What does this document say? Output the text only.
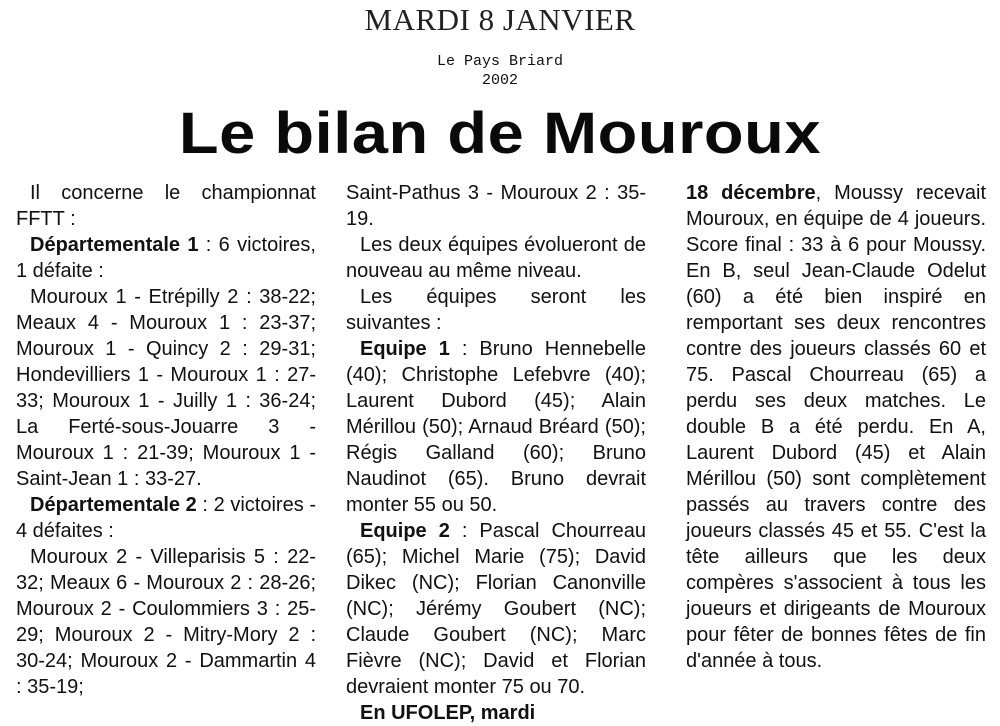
MARDI 8 JANVIER
Le Pays Briard
2002
Le bilan de Mouroux

Il concerne le championnat FFTT :

Départementale 1 : 6 victoires, 1 défaite :

Mouroux 1 - Etrépilly 2 : 38-22; Meaux 4 - Mouroux 1 : 23-37; Mouroux 1 - Quincy 2 : 29-31; Hondevilliers 1 - Mouroux 1 : 27-33; Mouroux 1 - Juilly 1 : 36-24; La Ferté-sous-Jouarre 3 - Mouroux 1 : 21-39; Mouroux 1 - Saint-Jean 1 : 33-27.

Départementale 2 : 2 victoires - 4 défaites :

Mouroux 2 - Villeparisis 5 : 22-32; Meaux 6 - Mouroux 2 : 28-26; Mouroux 2 - Coulommiers 3 : 25-29; Mouroux 2 - Mitry-Mory 2 : 30-24; Mouroux 2 - Dammartin 4 : 35-19;

Saint-Pathus 3 - Mouroux 2 : 35-19.

Les deux équipes évolueront de nouveau au même niveau.

Les équipes seront les suivantes :

Equipe 1 : Bruno Hennebelle (40); Christophe Lefebvre (40); Laurent Dubord (45); Alain Mérillou (50); Arnaud Bréard (50); Régis Galland (60); Bruno Naudinot (65). Bruno devrait monter 55 ou 50.

Equipe 2 : Pascal Chourreau (65); Michel Marie (75); David Dikec (NC); Florian Canonville (NC); Jérémy Goubert (NC); Claude Goubert (NC); Marc Fièvre (NC); David et Florian devraient monter 75 ou 70.

En UFOLEP, mardi

18 décembre, Moussy recevait Mouroux, en équipe de 4 joueurs. Score final : 33 à 6 pour Moussy. En B, seul Jean-Claude Odelut (60) a été bien inspiré en remportant ses deux rencontres contre des joueurs classés 60 et 75. Pascal Chourreau (65) a perdu ses deux matches. Le double B a été perdu. En A, Laurent Dubord (45) et Alain Mérillou (50) sont complètement passés au travers contre des joueurs classés 45 et 55. C'est la tête ailleurs que les deux compères s'associent à tous les joueurs et dirigeants de Mouroux pour fêter de bonnes fêtes de fin d'année à tous.
